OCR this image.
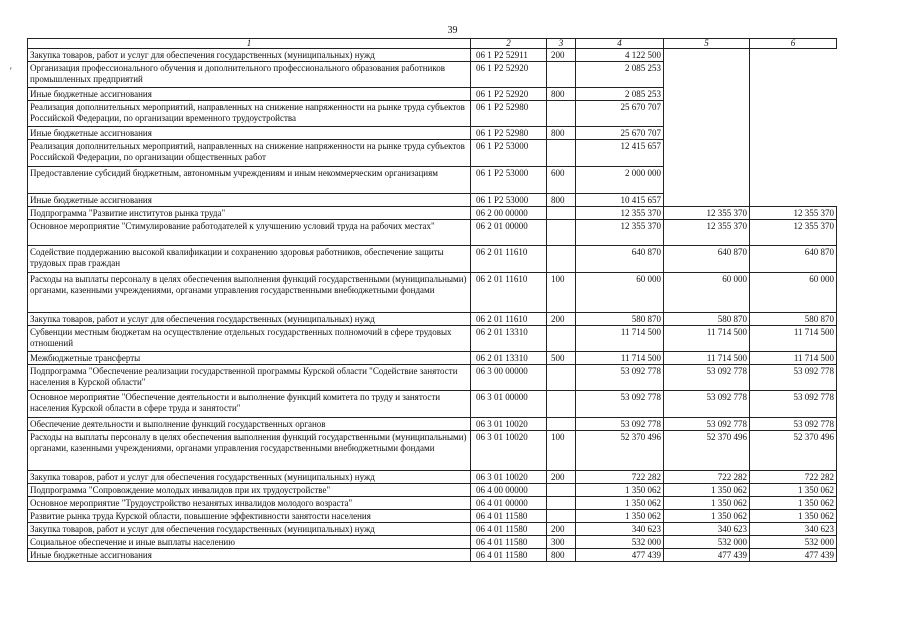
39
'
1	2	3	4	5	6
Закупка товаров, работ и услуг для обеспечения государственных (муниципальных) нужд	06 1 P2 52911	200	4 122 500		
Организация профессионального обучения и дополнительного профессионального образования работников промышленных предприятий	06 1 P2 52920		2 085 253		
Иные бюджетные ассигнования	06 1 P2 52920	800	2 085 253		
Реализация дополнительных мероприятий, направленных на снижение напряженности на рынке труда субъектов Российской Федерации, по организации временного трудоустройства	06 1 P2 52980		25 670 707		
Иные бюджетные ассигнования	06 1 P2 52980	800	25 670 707		
Реализация дополнительных мероприятий, направленных на снижение напряженности на рынке труда субъектов Российской Федерации, по организации общественных работ	06 1 P2 53000		12 415 657		
Предоставление субсидий бюджетным, автономным учреждениям и иным некоммерческим организациям	06 1 P2 53000	600	2 000 000		
Иные бюджетные ассигнования	06 1 P2 53000	800	10 415 657		
Подпрограмма "Развитие институтов рынка труда"	06 2 00 00000		12 355 370	12 355 370	12 355 370
Основное мероприятие "Стимулирование работодателей к улучшению условий труда на рабочих местах"	06 2 01 00000		12 355 370	12 355 370	12 355 370
Содействие поддержанию высокой квалификации и сохранению здоровья работников, обеспечение защиты трудовых прав граждан	06 2 01 11610		640 870	640 870	640 870
Расходы на выплаты персоналу в целях обеспечения выполнения функций государственными (муниципальными) органами, казенными учреждениями, органами управления государственными внебюджетными фондами	06 2 01 11610	100	60 000	60 000	60 000
Закупка товаров, работ и услуг для обеспечения государственных (муниципальных) нужд	06 2 01 11610	200	580 870	580 870	580 870
Субвенции местным бюджетам на осуществление отдельных государственных полномочий в сфере трудовых отношений	06 2 01 13310		11 714 500	11 714 500	11 714 500
Межбюджетные трансферты	06 2 01 13310	500	11 714 500	11 714 500	11 714 500
Подпрограмма "Обеспечение реализации государственной программы Курской области "Содействие занятости населения в Курской области"	06 3 00 00000		53 092 778	53 092 778	53 092 778
Основное мероприятие "Обеспечение деятельности и выполнение функций комитета по труду и занятости населения Курской области в сфере труда и занятости"	06 3 01 00000		53 092 778	53 092 778	53 092 778
Обеспечение деятельности и выполнение функций государственных органов	06 3 01 10020		53 092 778	53 092 778	53 092 778
Расходы на выплаты персоналу в целях обеспечения выполнения функций государственными (муниципальными) органами, казенными учреждениями, органами управления государственными внебюджетными фондами	06 3 01 10020	100	52 370 496	52 370 496	52 370 496
Закупка товаров, работ и услуг для обеспечения государственных (муниципальных) нужд	06 3 01 10020	200	722 282	722 282	722 282
Подпрограмма "Сопровождение молодых инвалидов при их трудоустройстве"	06 4 00 00000		1 350 062	1 350 062	1 350 062
Основное мероприятие "Трудоустройство незанятых инвалидов молодого возраста"	06 4 01 00000		1 350 062	1 350 062	1 350 062
Развитие рынка труда Курской области, повышение эффективности занятости населения	06 4 01 11580		1 350 062	1 350 062	1 350 062
Закупка товаров, работ и услуг для обеспечения государственных (муниципальных) нужд	06 4 01 11580	200	340 623	340 623	340 623
Социальное обеспечение и иные выплаты населению	06 4 01 11580	300	532 000	532 000	532 000
Иные бюджетные ассигнования	06 4 01 11580	800	477 439	477 439	477 439
